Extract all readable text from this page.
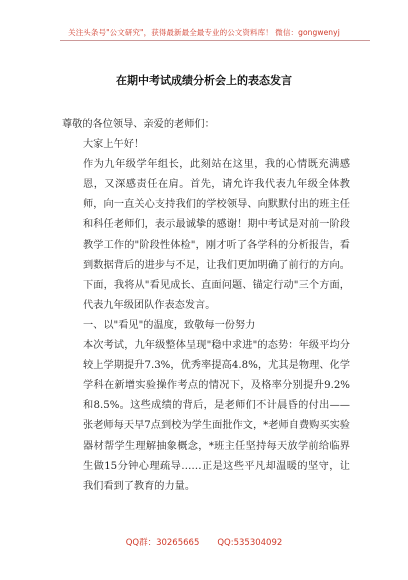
关注头条号"公文研究"，获得最新最全最专业的公文资料库！ 微信：gongwenyj
在期中考试成绩分析会上的表态发言

尊敬的各位领导、亲爱的老师们：

大家上午好！

作为九年级学年组长，此刻站在这里，我的心情既充满感恩，又深感责任在肩。首先，请允许我代表九年级全体教师，向一直关心支持我们的学校领导、向默默付出的班主任和科任老师们，表示最诚挚的感谢！期中考试是对前一阶段教学工作的"阶段性体检"，刚才听了各学科的分析报告，看到数据背后的进步与不足，让我们更加明确了前行的方向。下面，我将从"看见成长、直面问题、锚定行动"三个方面，代表九年级团队作表态发言。

一、以"看见"的温度，致敬每一份努力

本次考试，九年级整体呈现"稳中求进"的态势：年级平均分较上学期提升7.3%，优秀率提高4.8%，尤其是物理、化学学科在新增实验操作考点的情况下，及格率分别提升9.2%和8.5%。这些成绩的背后，是老师们不计晨昏的付出——张老师每天早7点到校为学生面批作文，*老师自费购买实验器材帮学生理解抽象概念，*班主任坚持每天放学前给临界生做15分钟心理疏导……正是这些平凡却温暖的坚守，让我们看到了教育的力量。

QQ群：30265665 QQ:535304092
